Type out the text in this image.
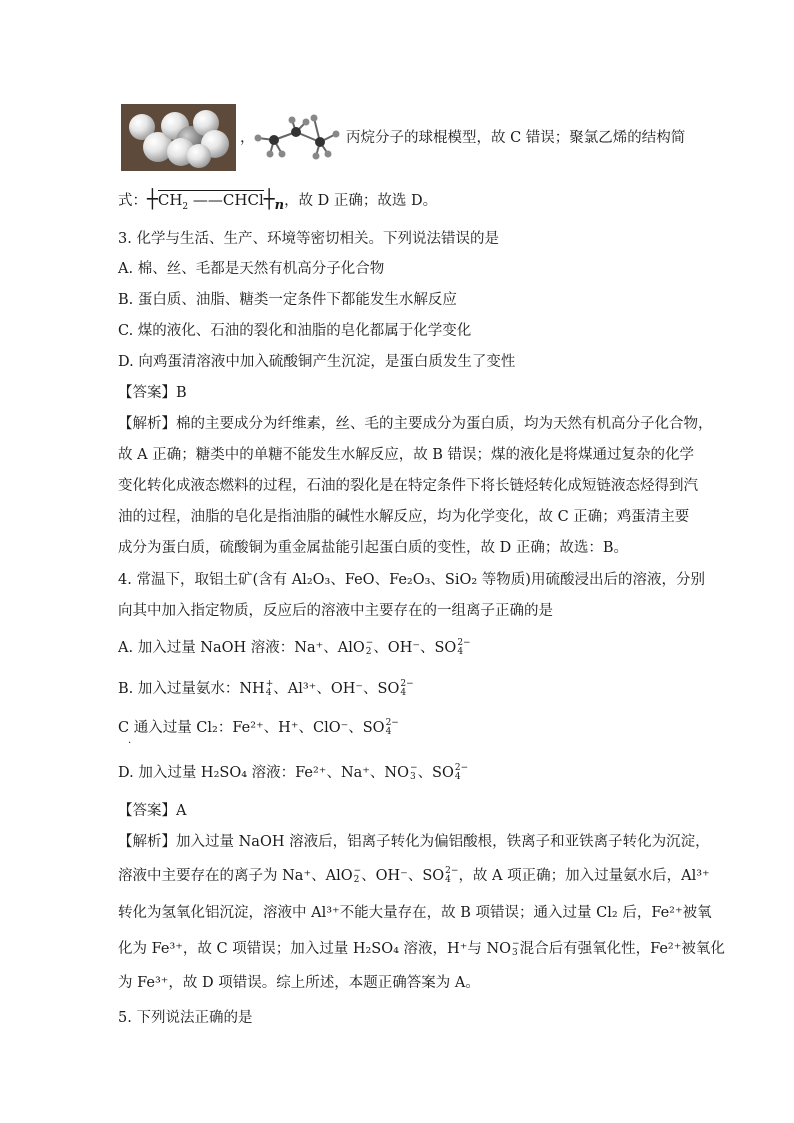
，	丙烷分子的球棍模型，故 C 错误；聚氯乙烯的结构简
式：$┼CH_2$ $——CHCl┼_n$，故 D 正确；故选 D。
3. 化学与生活、生产、环境等密切相关。下列说法错误的是
A. 棉、丝、毛都是天然有机高分子化合物
B. 蛋白质、油脂、糖类一定条件下都能发生水解反应
C. 煤的液化、石油的裂化和油脂的皂化都属于化学变化
D. 向鸡蛋清溶液中加入硫酸铜产生沉淀，是蛋白质发生了变性
【答案】B
【解析】棉的主要成分为纤维素，丝、毛的主要成分为蛋白质，均为天然有机高分子化合物，
故 A 正确；糖类中的单糖不能发生水解反应，故 B 错误；煤的液化是将煤通过复杂的化学
变化转化成液态燃料的过程，石油的裂化是在特定条件下将长链烃转化成短链液态烃得到汽
油的过程，油脂的皂化是指油脂的碱性水解反应，均为化学变化，故 C 正确；鸡蛋清主要
成分为蛋白质，硫酸铜为重金属盐能引起蛋白质的变性，故 D 正确；故选：B。
4. 常温下，取铝土矿(含有 Al₂O₃、FeO、Fe₂O₃、SiO₂ 等物质)用硫酸浸出后的溶液，分别
向其中加入指定物质，反应后的溶液中主要存在的一组离子正确的是
A. 加入过量 NaOH 溶液：Na⁺、AlO −
2 、OH⁻、SO 2−
4
B. 加入过量氨水：NH +
4 、Al³⁺、OH⁻、SO 2−
4
C 通入过量 Cl₂：Fe²⁺、H⁺、ClO⁻、SO 2−
4
·
D. 加入过量 H₂SO₄ 溶液：Fe²⁺、Na⁺、NO −
3 、SO 2−
4
【答案】A
【解析】加入过量 NaOH 溶液后，铝离子转化为偏铝酸根，铁离子和亚铁离子转化为沉淀，
溶液中主要存在的离子为 Na⁺、AlO −
2 、OH⁻、SO 2−
4 ，故 A 项正确；加入过量氨水后，Al³⁺
转化为氢氧化铝沉淀，溶液中 Al³⁺不能大量存在，故 B 项错误；通入过量 Cl₂ 后，Fe²⁺被氧
化为 Fe³⁺，故 C 项错误；加入过量 H₂SO₄ 溶液，H⁺与 NO −
3 混合后有强氧化性，Fe²⁺被氧化
为 Fe³⁺，故 D 项错误。综上所述，本题正确答案为 A。
5. 下列说法正确的是
